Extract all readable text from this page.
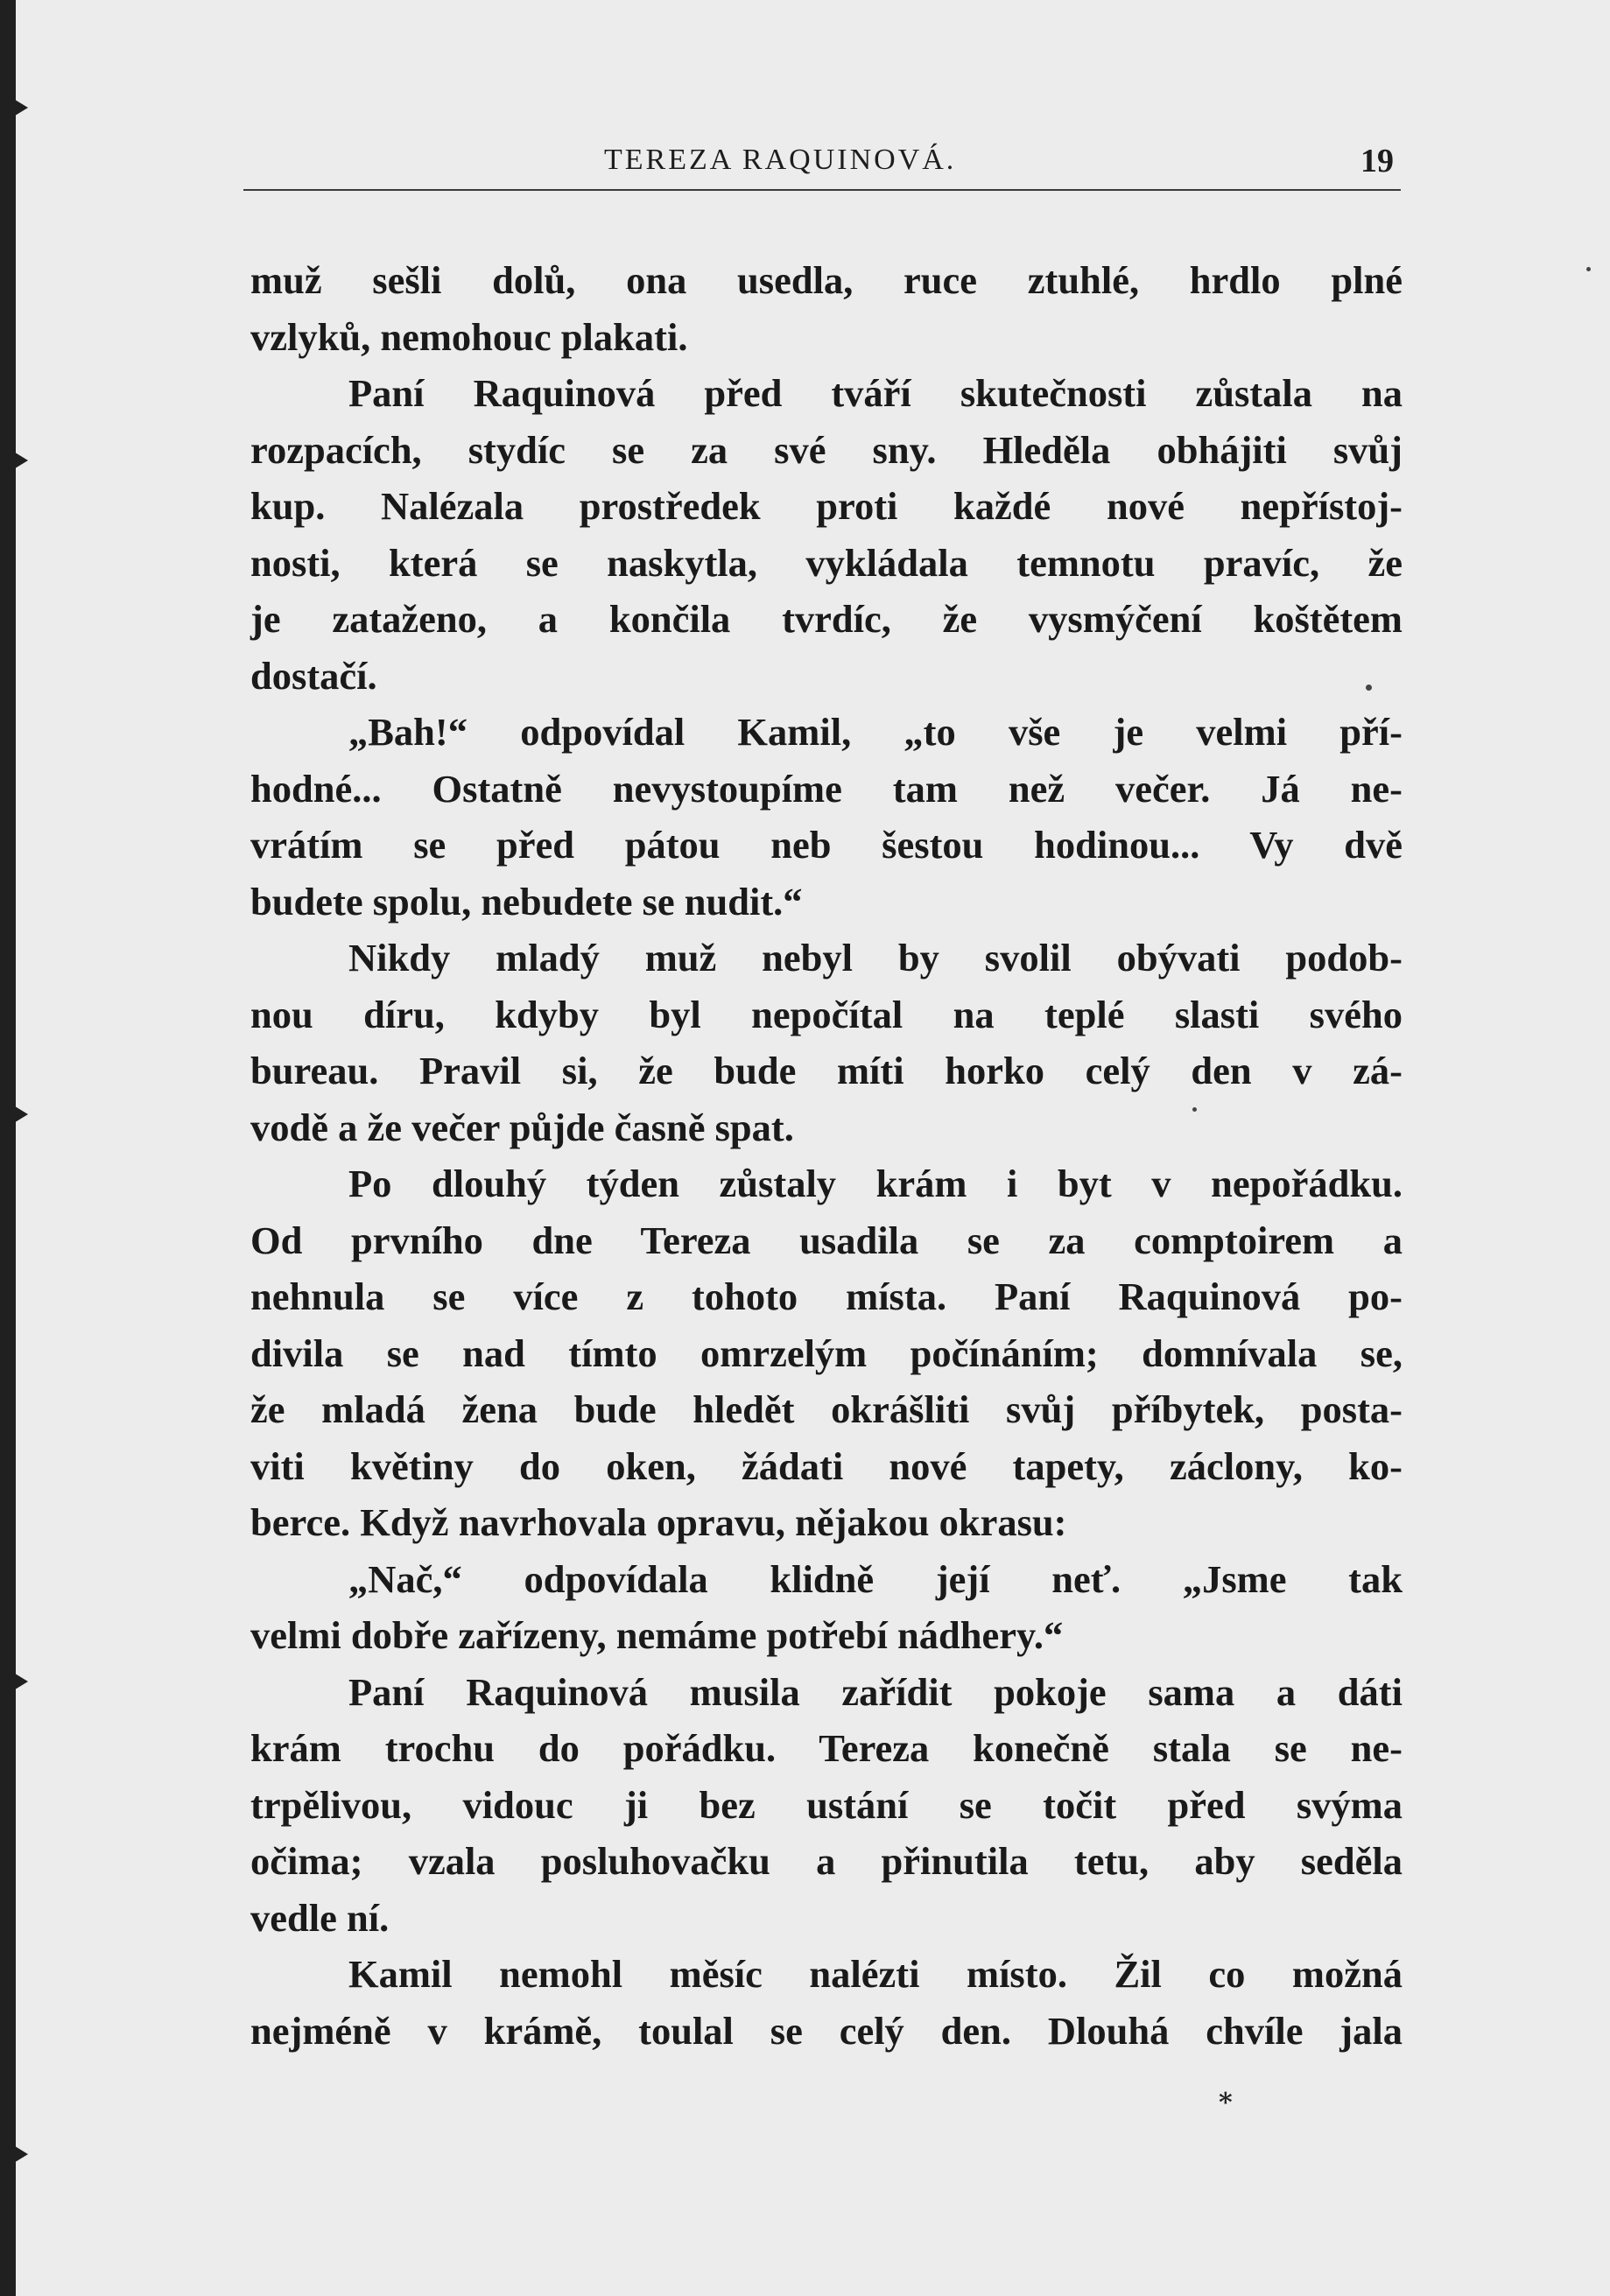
TEREZA RAQUINOVÁ.	19

muž sešli dolů, ona usedla, ruce ztuhlé, hrdlo plné
vzlyků, nemohouc plakati.

Paní Raquinová před tváří skutečnosti zůstala na
rozpacích, stydíc se za své sny. Hleděla obhájiti svůj
kup. Nalézala prostředek proti každé nové nepřístoj-
nosti, která se naskytla, vykládala temnotu pravíc, že
je zataženo, a končila tvrdíc, že vysmýčení koštětem
dostačí.

„Bah!“ odpovídal Kamil, „to vše je velmi pří-
hodné... Ostatně nevystoupíme tam než večer. Já ne-
vrátím se před pátou neb šestou hodinou... Vy dvě
budete spolu, nebudete se nudit.“

Nikdy mladý muž nebyl by svolil obývati podob-
nou díru, kdyby byl nepočítal na teplé slasti svého
bureau. Pravil si, že bude míti horko celý den v zá-
vodě a že večer půjde časně spat.

Po dlouhý týden zůstaly krám i byt v nepořádku.
Od prvního dne Tereza usadila se za comptoirem a
nehnula se více z tohoto místa. Paní Raquinová po-
divila se nad tímto omrzelým počínáním; domnívala se,
že mladá žena bude hledět okrášliti svůj příbytek, posta-
viti květiny do oken, žádati nové tapety, záclony, ko-
berce. Když navrhovala opravu, nějakou okrasu:

„Nač,“ odpovídala klidně její neť. „Jsme tak
velmi dobře zařízeny, nemáme potřebí nádhery.“

Paní Raquinová musila zařídit pokoje sama a dáti
krám trochu do pořádku. Tereza konečně stala se ne-
trpělivou, vidouc ji bez ustání se točit před svýma
očima; vzala posluhovačku a přinutila tetu, aby seděla
vedle ní.

Kamil nemohl měsíc nalézti místo. Žil co možná
nejméně v krámě, toulal se celý den. Dlouhá chvíle jala

*
